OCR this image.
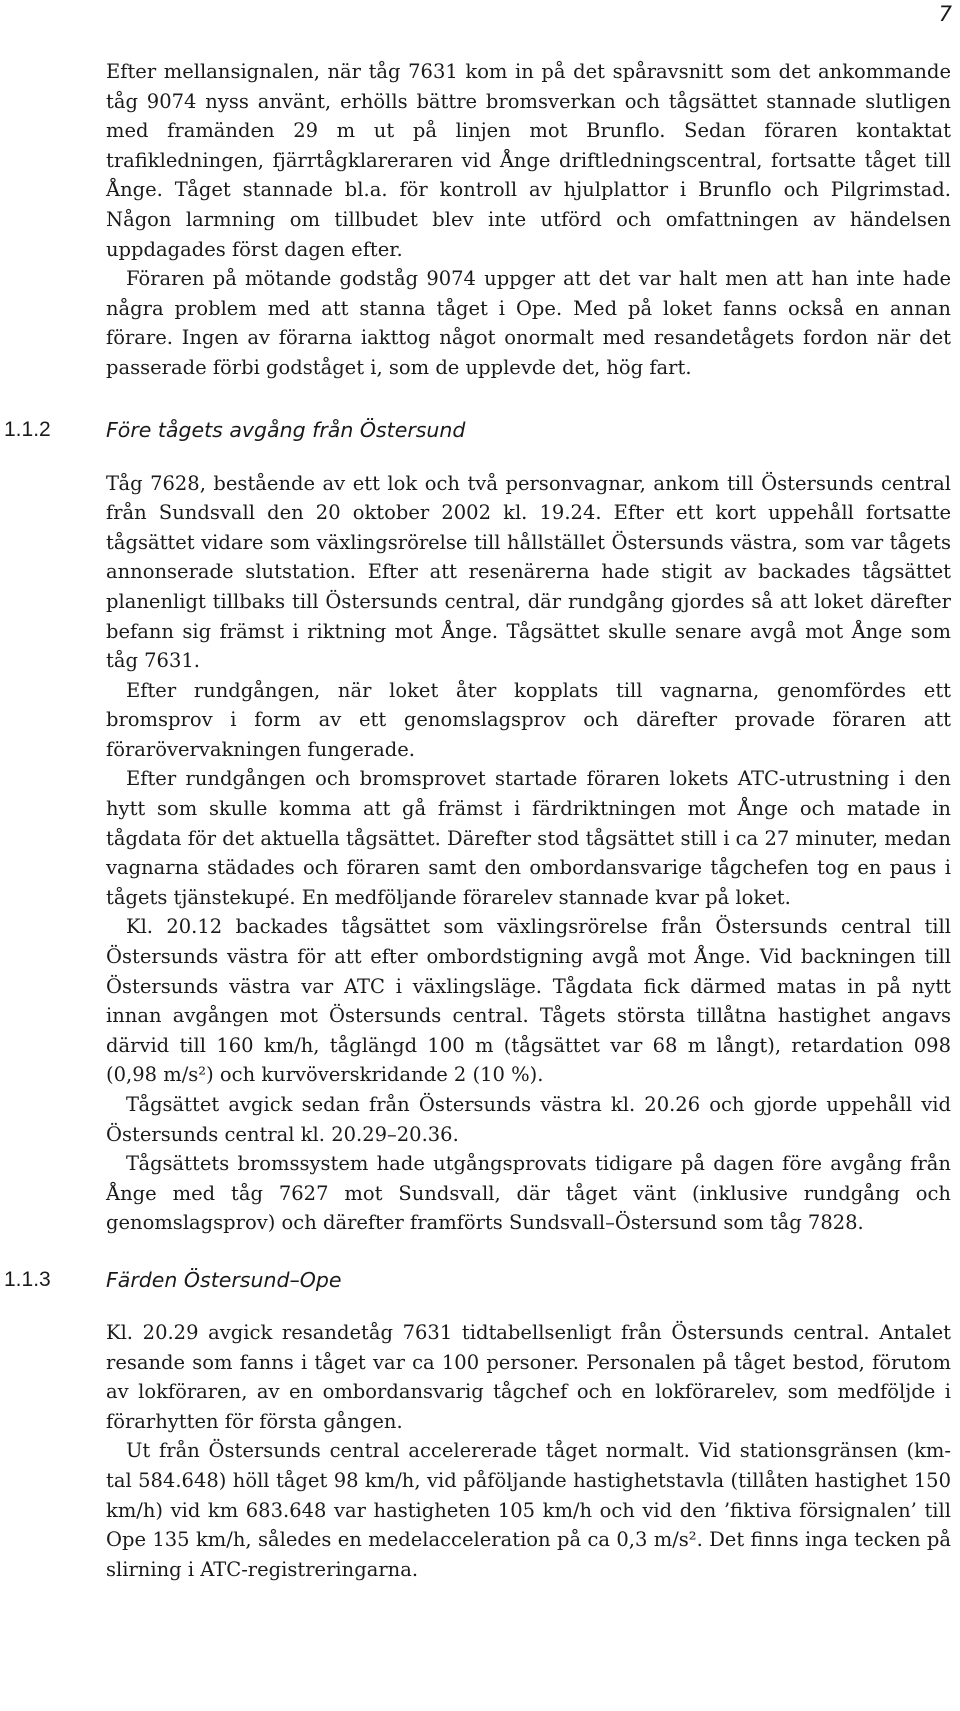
7

Efter mellansignalen, när tåg 7631 kom in på det spåravsnitt som det ankommande tåg 9074 nyss använt, erhölls bättre bromsverkan och tågsättet stannade slutligen med framänden 29 m ut på linjen mot Brunflo. Sedan föraren kontaktat trafikledningen, fjärrtågklareraren vid Ånge driftledningscentral, fortsatte tåget till Ånge. Tåget stannade bl.a. för kontroll av hjulplattor i Brunflo och Pilgrimstad. Någon larmning om tillbudet blev inte utförd och omfattningen av händelsen uppdagades först dagen efter.

Föraren på mötande godståg 9074 uppger att det var halt men att han inte hade några problem med att stanna tåget i Ope. Med på loket fanns också en annan förare. Ingen av förarna iakttog något onormalt med resandetågets fordon när det passerade förbi godståget i, som de upplevde det, hög fart.

1.1.2	Före tågets avgång från Östersund

Tåg 7628, bestående av ett lok och två personvagnar, ankom till Östersunds central från Sundsvall den 20 oktober 2002 kl. 19.24. Efter ett kort uppehåll fortsatte tågsättet vidare som växlingsrörelse till hållstället Östersunds västra, som var tågets annonserade slutstation. Efter att resenärerna hade stigit av backades tågsättet planenligt tillbaks till Östersunds central, där rundgång gjordes så att loket därefter befann sig främst i riktning mot Ånge. Tågsättet skulle senare avgå mot Ånge som tåg 7631.

Efter rundgången, när loket åter kopplats till vagnarna, genomfördes ett bromsprov i form av ett genomslagsprov och därefter provade föraren att förarövervakningen fungerade.

Efter rundgången och bromsprovet startade föraren lokets ATC-utrustning i den hytt som skulle komma att gå främst i färdriktningen mot Ånge och matade in tågdata för det aktuella tågsättet. Därefter stod tågsättet still i ca 27 minuter, medan vagnarna städades och föraren samt den ombordansvarige tågchefen tog en paus i tågets tjänstekupé. En medföljande förarelev stannade kvar på loket.

Kl. 20.12 backades tågsättet som växlingsrörelse från Östersunds central till Östersunds västra för att efter ombordstigning avgå mot Ånge. Vid backningen till Östersunds västra var ATC i växlingsläge. Tågdata fick därmed matas in på nytt innan avgången mot Östersunds central. Tågets största tillåtna hastighet angavs därvid till 160 km/h, tåglängd 100 m (tågsättet var 68 m långt), retardation 098 (0,98 m/s²) och kurvöverskridande 2 (10 %).

Tågsättet avgick sedan från Östersunds västra kl. 20.26 och gjorde uppehåll vid Östersunds central kl. 20.29–20.36.

Tågsättets bromssystem hade utgångsprovats tidigare på dagen före avgång från Ånge med tåg 7627 mot Sundsvall, där tåget vänt (inklusive rundgång och genomslagsprov) och därefter framförts Sundsvall–Östersund som tåg 7828.

1.1.3	Färden Östersund–Ope

Kl. 20.29 avgick resandetåg 7631 tidtabellsenligt från Östersunds central. Antalet resande som fanns i tåget var ca 100 personer. Personalen på tåget bestod, förutom av lokföraren, av en ombordansvarig tågchef och en lokförarelev, som medföljde i förarhytten för första gången.

Ut från Östersunds central accelererade tåget normalt. Vid stationsgränsen (km-tal 584.648) höll tåget 98 km/h, vid påföljande hastighetstavla (tillåten hastighet 150 km/h) vid km 683.648 var hastigheten 105 km/h och vid den ’fiktiva försignalen’ till Ope 135 km/h, således en medelacceleration på ca 0,3 m/s². Det finns inga tecken på slirning i ATC-registreringarna.
